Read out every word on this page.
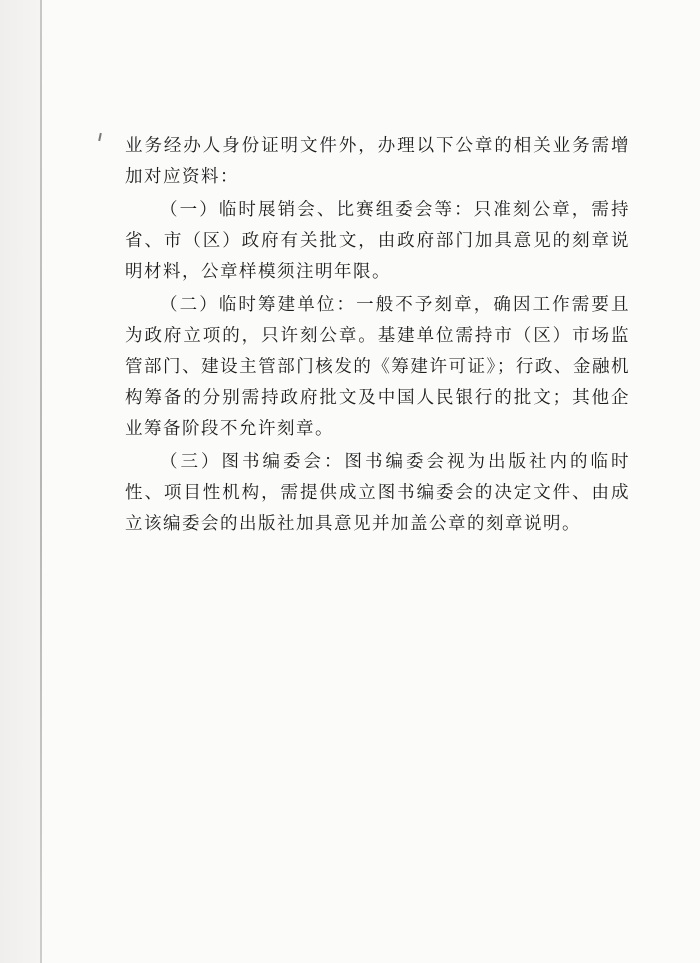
业务经办人身份证明文件外，办理以下公章的相关业务需增加对应资料：

（一）临时展销会、比赛组委会等：只准刻公章，需持省、市（区）政府有关批文，由政府部门加具意见的刻章说明材料，公章样模须注明年限。

（二）临时筹建单位：一般不予刻章，确因工作需要且为政府立项的，只许刻公章。基建单位需持市（区）市场监管部门、建设主管部门核发的《筹建许可证》；行政、金融机构筹备的分别需持政府批文及中国人民银行的批文；其他企业筹备阶段不允许刻章。

（三）图书编委会：图书编委会视为出版社内的临时性、项目性机构，需提供成立图书编委会的决定文件、由成立该编委会的出版社加具意见并加盖公章的刻章说明。
